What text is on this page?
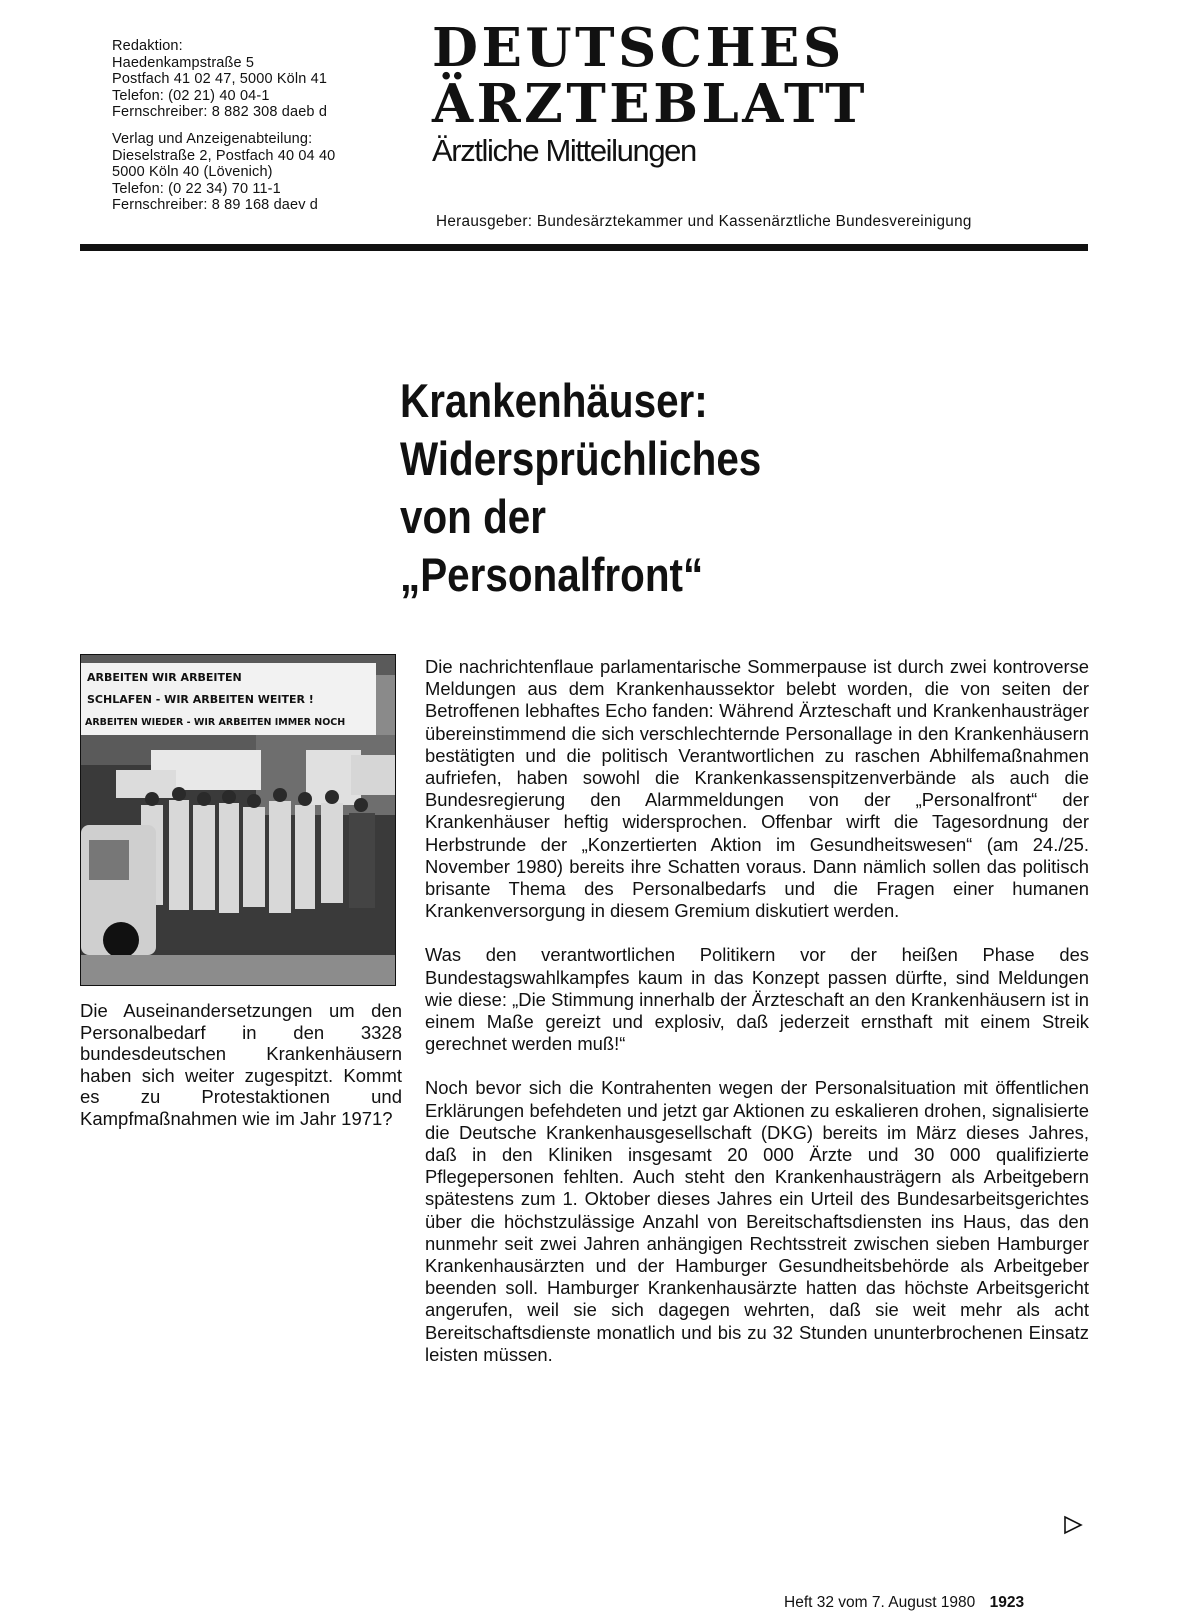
Redaktion:
Haedenkampstraße 5
Postfach 41 02 47, 5000 Köln 41
Telefon: (02 21) 40 04-1
Fernschreiber: 8 882 308 daeb d
Verlag und Anzeigenabteilung:
Dieselstraße 2, Postfach 40 04 40
5000 Köln 40 (Lövenich)
Telefon: (0 22 34) 70 11-1
Fernschreiber: 8 89 168 daev d
DEUTSCHES
ÄRZTEBLATT
Ärztliche Mitteilungen
Herausgeber: Bundesärztekammer und Kassenärztliche Bundesvereinigung
Krankenhäuser:
Widersprüchliches
von der
„Personalfront“
ARBEITEN WIR ARBEITEN
SCHLAFEN - WIR ARBEITEN WEITER !
ARBEITEN WIEDER - WIR ARBEITEN IMMER NOCH
Die Auseinandersetzungen um den Personalbedarf in den 3328 bundesdeutschen Krankenhäusern haben sich weiter zugespitzt. Kommt es zu Protestaktionen und Kampfmaßnahmen wie im Jahr 1971?

Die nachrichtenflaue parlamentarische Sommerpause ist durch zwei kontroverse Meldungen aus dem Krankenhaussektor belebt worden, die von seiten der Betroffenen lebhaftes Echo fanden: Während Ärzteschaft und Krankenhausträger übereinstimmend die sich verschlechternde Personallage in den Krankenhäusern bestätigten und die politisch Verantwortlichen zu raschen Abhilfemaßnahmen aufriefen, haben sowohl die Krankenkassenspitzenverbände als auch die Bundesregierung den Alarmmeldungen von der „Personalfront“ der Krankenhäuser heftig widersprochen. Offenbar wirft die Tagesordnung der Herbstrunde der „Konzertierten Aktion im Gesundheitswesen“ (am 24./25. November 1980) bereits ihre Schatten voraus. Dann nämlich sollen das politisch brisante Thema des Personalbedarfs und die Fragen einer humanen Krankenversorgung in diesem Gremium diskutiert werden.

Was den verantwortlichen Politikern vor der heißen Phase des Bundestagswahlkampfes kaum in das Konzept passen dürfte, sind Meldungen wie diese: „Die Stimmung innerhalb der Ärzteschaft an den Krankenhäusern ist in einem Maße gereizt und explosiv, daß jederzeit ernsthaft mit einem Streik gerechnet werden muß!“

Noch bevor sich die Kontrahenten wegen der Personalsituation mit öffentlichen Erklärungen befehdeten und jetzt gar Aktionen zu eskalieren drohen, signalisierte die Deutsche Krankenhausgesellschaft (DKG) bereits im März dieses Jahres, daß in den Kliniken insgesamt 20 000 Ärzte und 30 000 qualifizierte Pflegepersonen fehlten. Auch steht den Krankenhausträgern als Arbeitgebern spätestens zum 1. Oktober dieses Jahres ein Urteil des Bundesarbeitsgerichtes über die höchstzulässige Anzahl von Bereitschaftsdiensten ins Haus, das den nunmehr seit zwei Jahren anhängigen Rechtsstreit zwischen sieben Hamburger Krankenhausärzten und der Hamburger Gesundheitsbehörde als Arbeitgeber beenden soll. Hamburger Krankenhausärzte hatten das höchste Arbeitsgericht angerufen, weil sie sich dagegen wehrten, daß sie weit mehr als acht Bereitschaftsdienste monatlich und bis zu 32 Stunden ununterbrochenen Einsatz leisten müssen.

Heft 32 vom 7. August 1980 1923
